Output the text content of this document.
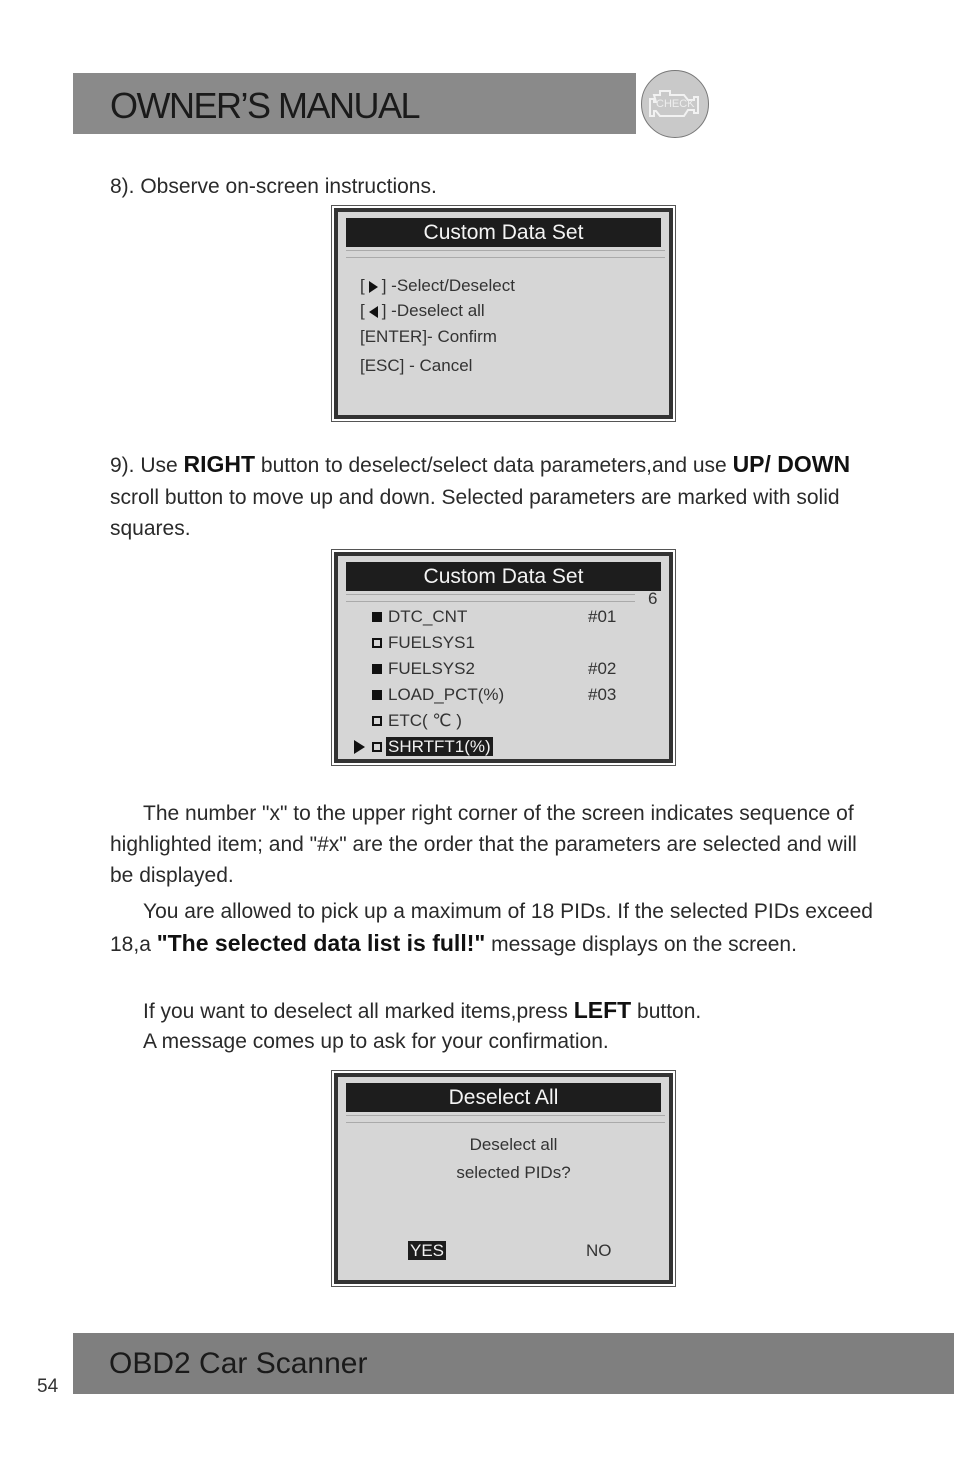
OWNER’S MANUAL	CHECK
8). Observe on-screen instructions.
Custom Data Set
[ ] -Select/Deselect
[ ] -Deselect all
[ENTER]- Confirm
[ESC] - Cancel
9). Use RIGHT button to deselect/select data parameters,and use UP/ DOWN scroll button to move up and down. Selected parameters are marked with solid squares.
Custom Data Set
6
DTC_CNT	#01
FUELSYS1
FUELSYS2	#02
LOAD_PCT(%)	#03
ETC( ℃ )
SHRTFT1(%)
The number "x" to the upper right corner of the screen indicates sequence of highlighted item; and "#x" are the order that the parameters are selected and will be displayed.
You are allowed to pick up a maximum of 18 PIDs. If the selected PIDs exceed 18,a "The selected data list is full!" message displays on the screen.
If you want to deselect all marked items,press LEFT button.
A message comes up to ask for your confirmation.
Deselect All
Deselect all
selected PIDs?
YES	NO
OBD2 Car Scanner
54
